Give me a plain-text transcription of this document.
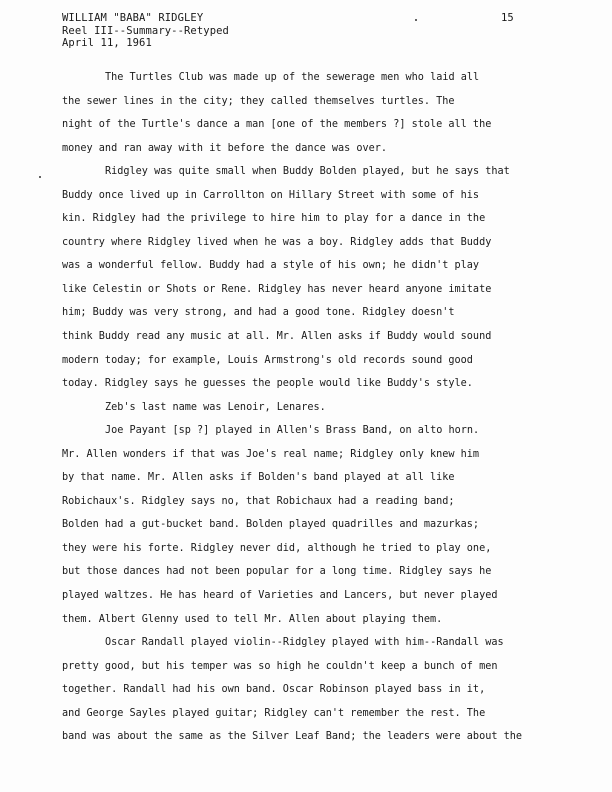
WILLIAM "BABA" RIDGLEY
Reel III--Summary--Retyped
April 11, 1961
15
The Turtles Club was made up of the sewerage men who laid all
the sewer lines in the city; they called themselves turtles. The
night of the Turtle's dance a man [one of the members ?] stole all the
money and ran away with it before the dance was over.
Ridgley was quite small when Buddy Bolden played, but he says that
Buddy once lived up in Carrollton on Hillary Street with some of his
kin. Ridgley had the privilege to hire him to play for a dance in the
country where Ridgley lived when he was a boy. Ridgley adds that Buddy
was a wonderful fellow. Buddy had a style of his own; he didn't play
like Celestin or Shots or Rene. Ridgley has never heard anyone imitate
him; Buddy was very strong, and had a good tone. Ridgley doesn't
think Buddy read any music at all. Mr. Allen asks if Buddy would sound
modern today; for example, Louis Armstrong's old records sound good
today. Ridgley says he guesses the people would like Buddy's style.
Zeb's last name was Lenoir, Lenares.
Joe Payant [sp ?] played in Allen's Brass Band, on alto horn.
Mr. Allen wonders if that was Joe's real name; Ridgley only knew him
by that name. Mr. Allen asks if Bolden's band played at all like
Robichaux's. Ridgley says no, that Robichaux had a reading band;
Bolden had a gut-bucket band. Bolden played quadrilles and mazurkas;
they were his forte. Ridgley never did, although he tried to play one,
but those dances had not been popular for a long time. Ridgley says he
played waltzes. He has heard of Varieties and Lancers, but never played
them. Albert Glenny used to tell Mr. Allen about playing them.
Oscar Randall played violin--Ridgley played with him--Randall was
pretty good, but his temper was so high he couldn't keep a bunch of men
together. Randall had his own band. Oscar Robinson played bass in it,
and George Sayles played guitar; Ridgley can't remember the rest. The
band was about the same as the Silver Leaf Band; the leaders were about the
